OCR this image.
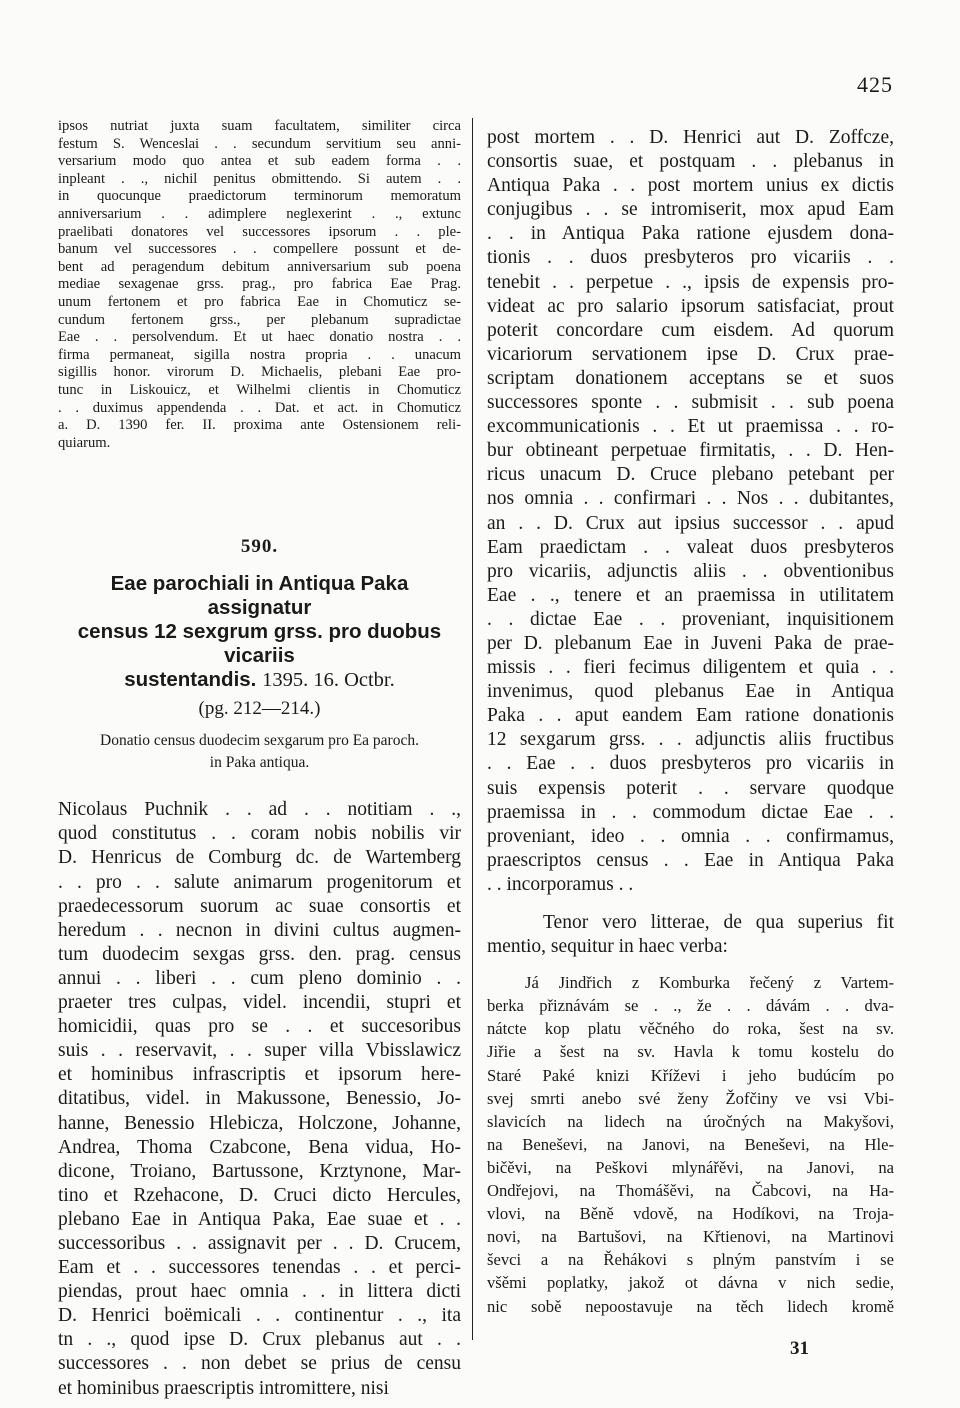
425
ipsos nutriat juxta suam facultatem, similiter circa
festum S. Wenceslai . . secundum servitium seu anni-
versarium modo quo antea et sub eadem forma . .
inpleant . ., nichil penitus obmittendo. Si autem . .
in quocunque praedictorum terminorum memoratum
anniversarium . . adimplere neglexerint . ., extunc
praelibati donatores vel successores ipsorum . . ple-
banum vel successores . . compellere possunt et de-
bent ad peragendum debitum anniversarium sub poena
mediae sexagenae grss. prag., pro fabrica Eae Prag.
unum fertonem et pro fabrica Eae in Chomuticz se-
cundum fertonem grss., per plebanum supradictae
Eae . . persolvendum. Et ut haec donatio nostra . .
firma permaneat, sigilla nostra propria . . unacum
sigillis honor. virorum D. Michaelis, plebani Eae pro-
tunc in Liskouicz, et Wilhelmi clientis in Chomuticz
. . duximus appendenda . . Dat. et act. in Chomuticz
a. D. 1390 fer. II. proxima ante Ostensionem reli-
quiarum.
590.
Eae parochiali in Antiqua Paka assignatur
census 12 sexgrum grss. pro duobus vicariis
sustentandis. 1395. 16. Octbr.
(pg. 212—214.)
Donatio census duodecim sexgarum pro Ea paroch.
in Paka antiqua.
Nicolaus Puchnik . . ad . . notitiam . .,
quod constitutus . . coram nobis nobilis vir
D. Henricus de Comburg dc. de Wartemberg
. . pro . . salute animarum progenitorum et
praedecessorum suorum ac suae consortis et
heredum . . necnon in divini cultus augmen-
tum duodecim sexgas grss. den. prag. census
annui . . liberi . . cum pleno dominio . .
praeter tres culpas, videl. incendii, stupri et
homicidii, quas pro se . . et succesoribus
suis . . reservavit, . . super villa Vbisslawicz
et hominibus infrascriptis et ipsorum here-
ditatibus, videl. in Makussone, Benessio, Jo-
hanne, Benessio Hlebicza, Holczone, Johanne,
Andrea, Thoma Czabcone, Bena vidua, Ho-
dicone, Troiano, Bartussone, Krztynone, Mar-
tino et Rzehacone, D. Cruci dicto Hercules,
plebano Eae in Antiqua Paka, Eae suae et . .
successoribus . . assignavit per . . D. Crucem,
Eam et . . successores tenendas . . et perci-
piendas, prout haec omnia . . in littera dicti
D. Henrici boëmicali . . continentur . ., ita
tn . ., quod ipse D. Crux plebanus aut . .
successores . . non debet se prius de censu
et hominibus praescriptis intromittere, nisi
post mortem . . D. Henrici aut D. Zoffcze,
consortis suae, et postquam . . plebanus in
Antiqua Paka . . post mortem unius ex dictis
conjugibus . . se intromiserit, mox apud Eam
. . in Antiqua Paka ratione ejusdem dona-
tionis . . duos presbyteros pro vicariis . .
tenebit . . perpetue . ., ipsis de expensis pro-
videat ac pro salario ipsorum satisfaciat, prout
poterit concordare cum eisdem. Ad quorum
vicariorum servationem ipse D. Crux prae-
scriptam donationem acceptans se et suos
successores sponte . . submisit . . sub poena
excommunicationis . . Et ut praemissa . . ro-
bur obtineant perpetuae firmitatis, . . D. Hen-
ricus unacum D. Cruce plebano petebant per
nos omnia . . confirmari . . Nos . . dubitantes,
an . . D. Crux aut ipsius successor . . apud
Eam praedictam . . valeat duos presbyteros
pro vicariis, adjunctis aliis . . obventionibus
Eae . ., tenere et an praemissa in utilitatem
. . dictae Eae . . proveniant, inquisitionem
per D. plebanum Eae in Juveni Paka de prae-
missis . . fieri fecimus diligentem et quia . .
invenimus, quod plebanus Eae in Antiqua
Paka . . aput eandem Eam ratione donationis
12 sexgarum grss. . . adjunctis aliis fructibus
. . Eae . . duos presbyteros pro vicariis in
suis expensis poterit . . servare quodque
praemissa in . . commodum dictae Eae . .
proveniant, ideo . . omnia . . confirmamus,
praescriptos census . . Eae in Antiqua Paka
. . incorporamus . .
Tenor vero litterae, de qua superius fit
mentio, sequitur in haec verba:
Já Jindřich z Komburka řečený z Vartem-
berka přiznávám se . ., že . . dávám . . dva-
nátcte kop platu věčného do roka, šest na sv.
Jiřie a šest na sv. Havla k tomu kostelu do
Staré Paké knizi Kříževi i jeho budúcím po
svej smrti anebo své ženy Žofčiny ve vsi Vbi-
slavicích na lidech na úročných na Makyšovi,
na Beneševi, na Janovi, na Beneševi, na Hle-
bičěvi, na Peškovi mlynářěvi, na Janovi, na
Ondřejovi, na Thomášěvi, na Čabcovi, na Ha-
vlovi, na Běně vdově, na Hodíkovi, na Troja-
novi, na Bartušovi, na Křtienovi, na Martinovi
ševci a na Řehákovi s plným panstvím i se
všěmi poplatky, jakož ot dávna v nich sedie,
nic sobě nepoostavuje na těch lidech kromě
31
